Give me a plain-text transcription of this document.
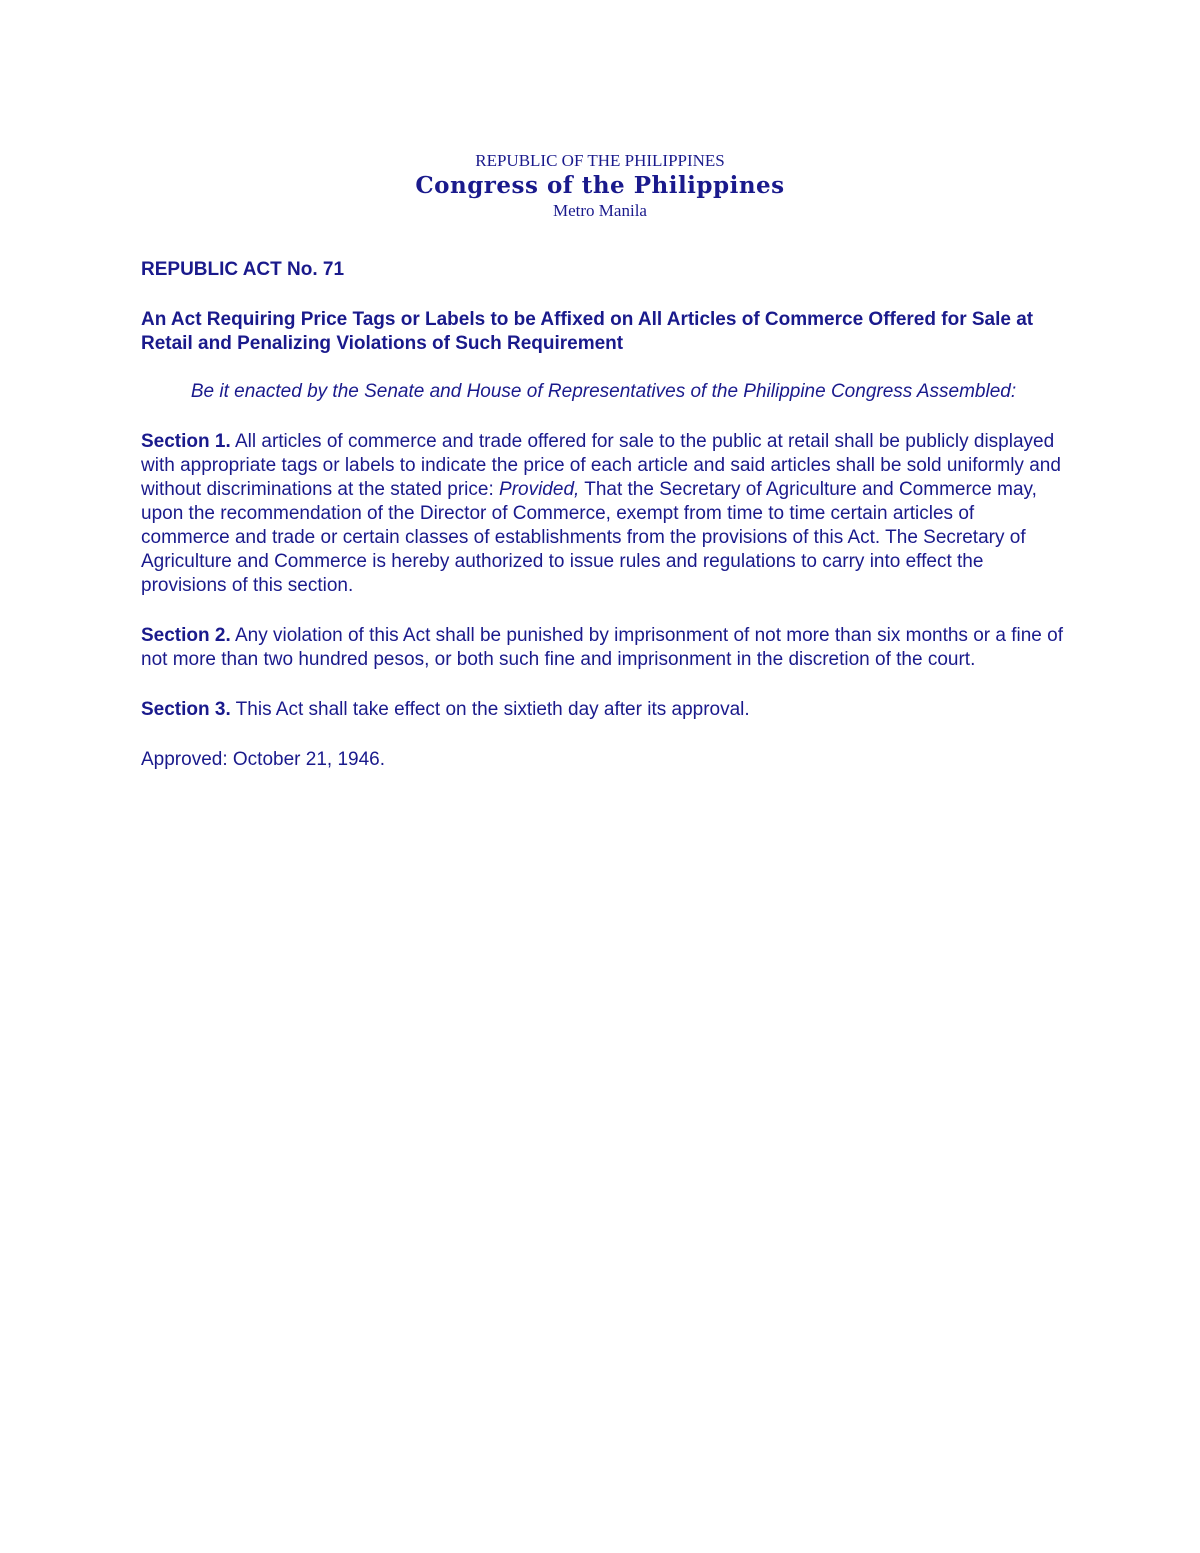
REPUBLIC OF THE PHILIPPINES
Congress of the Philippines
Metro Manila

REPUBLIC ACT No. 71

An Act Requiring Price Tags or Labels to be Affixed on All Articles of Commerce Offered for Sale at Retail and Penalizing Violations of Such Requirement

Be it enacted by the Senate and House of Representatives of the Philippine Congress Assembled:

Section 1. All articles of commerce and trade offered for sale to the public at retail shall be publicly displayed with appropriate tags or labels to indicate the price of each article and said articles shall be sold uniformly and without discriminations at the stated price: Provided, That the Secretary of Agriculture and Commerce may, upon the recommendation of the Director of Commerce, exempt from time to time certain articles of commerce and trade or certain classes of establishments from the provisions of this Act. The Secretary of Agriculture and Commerce is hereby authorized to issue rules and regulations to carry into effect the provisions of this section.

Section 2. Any violation of this Act shall be punished by imprisonment of not more than six months or a fine of not more than two hundred pesos, or both such fine and imprisonment in the discretion of the court.

Section 3. This Act shall take effect on the sixtieth day after its approval.

Approved: October 21, 1946.
